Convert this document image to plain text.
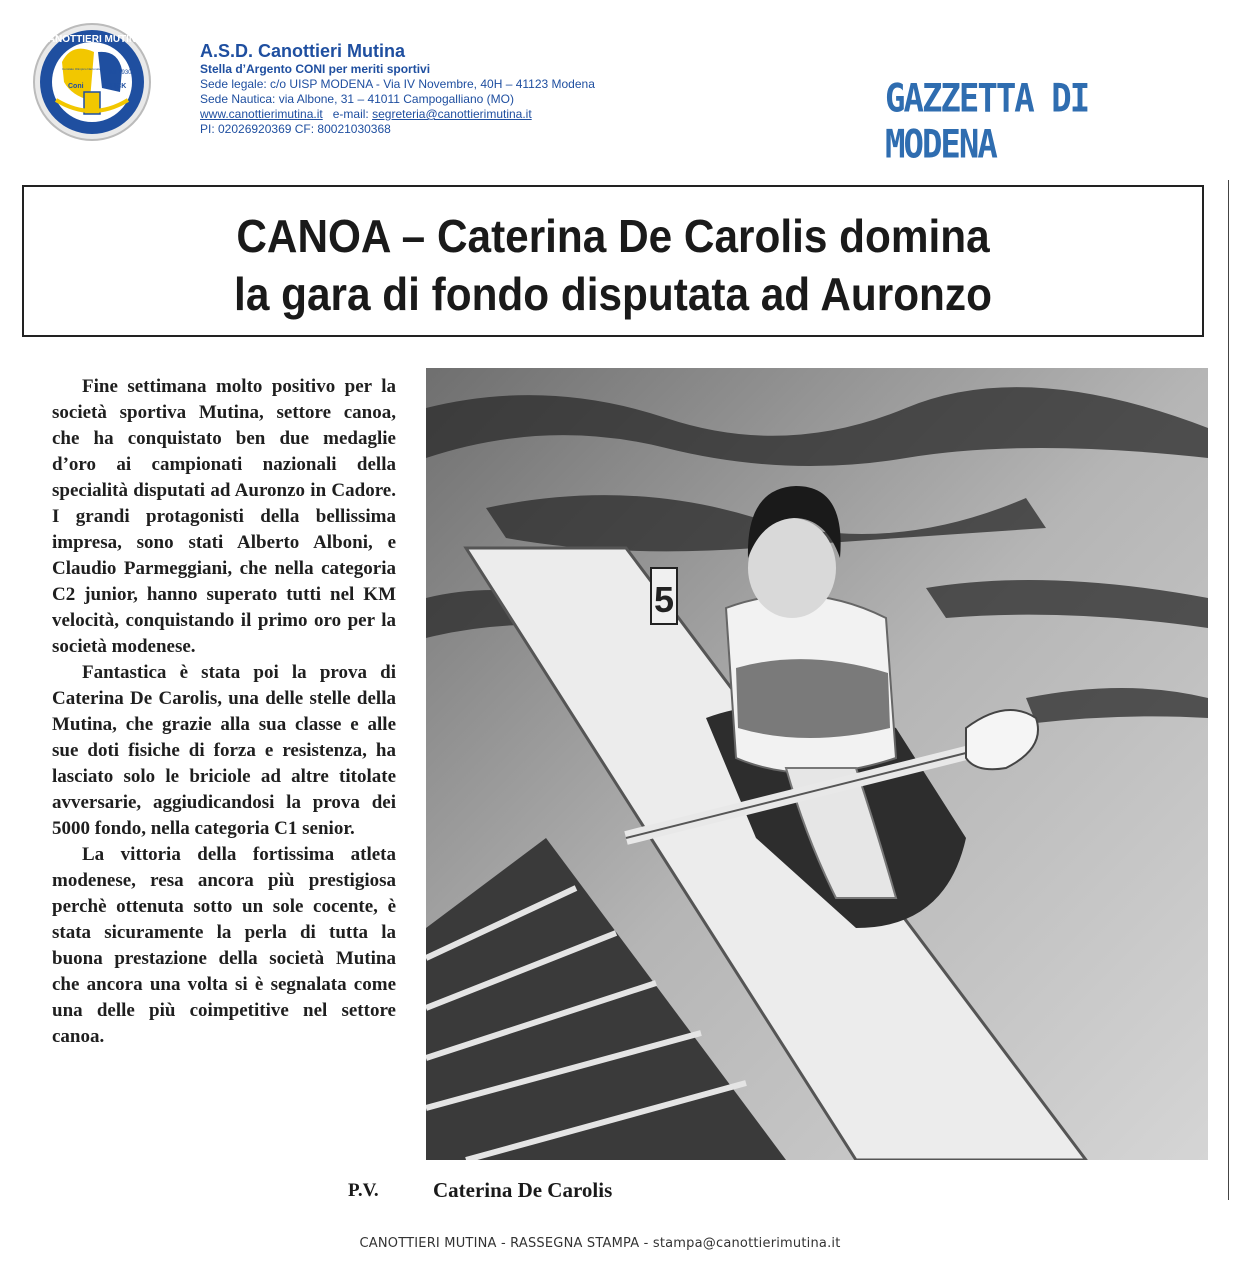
CANOTTIERI MUTINA
Comitato Olimpico Nazionale
dal 1930
Coni	FICK
A.S.D. Canottieri Mutina
Stella d’Argento CONI per meriti sportivi
Sede legale: c/o UISP MODENA - Via IV Novembre, 40H – 41123 Modena
Sede Nautica: via Albone, 31 – 41011 Campogalliano (MO)
www.canottierimutina.it e-mail: segreteria@canottierimutina.it
PI: 02026920369 CF: 80021030368
GAZZETTA DI MODENA
CANOA – Caterina De Carolis domina
la gara di fondo disputata ad Auronzo

Fine settimana molto positivo per la società sportiva Mutina, settore canoa, che ha conquistato ben due medaglie d’oro ai campionati nazionali della specialità disputati ad Auronzo in Cadore. I grandi protagonisti della bellissima impresa, sono stati Alberto Alboni, e Claudio Parmeggiani, che nella categoria C2 junior, hanno superato tutti nel KM velocità, conquistando il primo oro per la società modenese.

Fantastica è stata poi la prova di Caterina De Carolis, una delle stelle della Mutina, che grazie alla sua classe e alle sue doti fisiche di forza e resistenza, ha lasciato solo le briciole ad altre titolate avversarie, aggiudicandosi la prova dei 5000 fondo, nella categoria C1 senior.

La vittoria della fortissima atleta modenese, resa ancora più prestigiosa perchè ottenuta sotto un sole cocente, è stata sicuramente la perla di tutta la buona prestazione della società Mutina che ancora una volta si è segnalata come una delle più coimpetitive nel settore canoa.

5
P.V.	Caterina De Carolis
CANOTTIERI MUTINA - RASSEGNA STAMPA - stampa@canottierimutina.it
